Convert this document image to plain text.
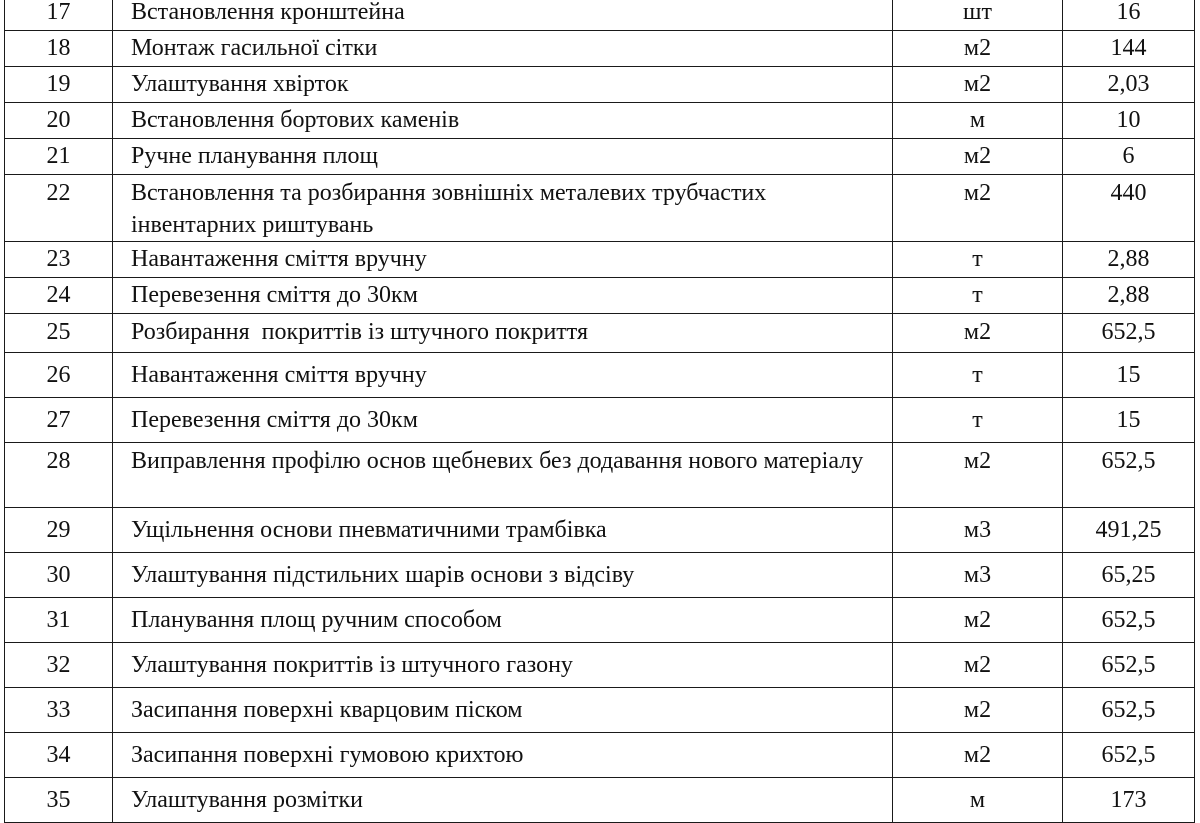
17	Встановлення кронштейна	шт	16
18	Монтаж гасильної сітки	м2	144
19	Улаштування хвірток	м2	2,03
20	Встановлення бортових каменів	м	10
21	Ручне планування площ	м2	6
22	Встановлення та розбирання зовнішніх металевих трубчастих інвентарних риштувань	м2	440
23	Навантаження сміття вручну	т	2,88
24	Перевезення сміття до 30км	т	2,88
25	Розбирання  покриттів із штучного покриття	м2	652,5
26	Навантаження сміття вручну	т	15
27	Перевезення сміття до 30км	т	15
28	Виправлення профілю основ щебневих без додавання нового матеріалу	м2	652,5
29	Ущільнення основи пневматичними трамбівка	м3	491,25
30	Улаштування підстильних шарів основи з відсіву	м3	65,25
31	Планування площ ручним способом	м2	652,5
32	Улаштування покриттів із штучного газону	м2	652,5
33	Засипання поверхні кварцовим піском	м2	652,5
34	Засипання поверхні гумовою крихтою	м2	652,5
35	Улаштування розмітки	м	173
